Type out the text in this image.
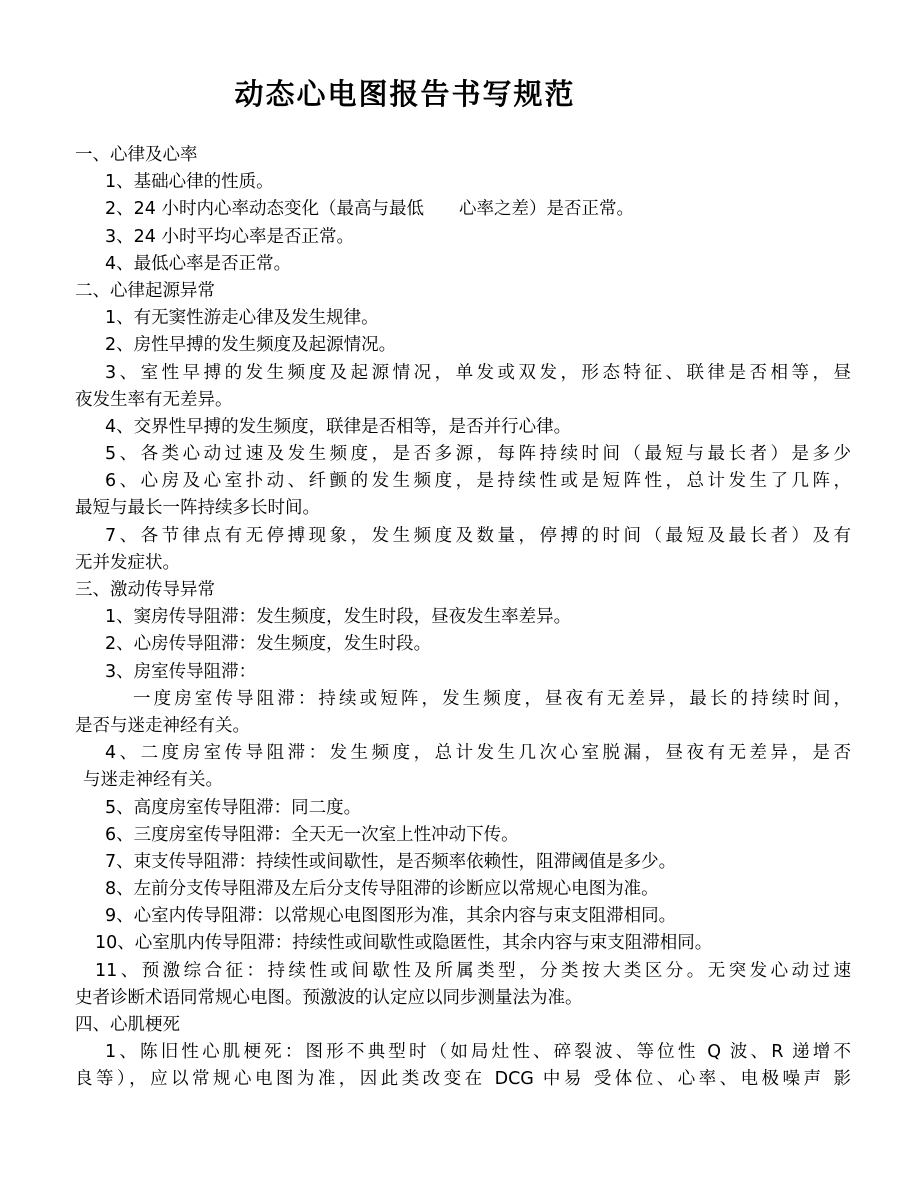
动态心电图报告书写规范
一、心律及心率
1、基础心律的性质。
2、24 小时内心率动态变化（最高与最低　　心率之差）是否正常。
3、24 小时平均心率是否正常。
4、最低心率是否正常。
二、心律起源异常
1、有无窦性游走心律及发生规律。
2、房性早搏的发生频度及起源情况。
3、室性早搏的发生频度及起源情况，单发或双发，形态特征、联律是否相等，昼
夜发生率有无差异。
4、交界性早搏的发生频度，联律是否相等，是否并行心律。
5、各类心动过速及发生频度，是否多源，每阵持续时间（最短与最长者）是多少
6、心房及心室扑动、纤颤的发生频度，是持续性或是短阵性，总计发生了几阵，
最短与最长一阵持续多长时间。
7、各节律点有无停搏现象，发生频度及数量，停搏的时间（最短及最长者）及有
无并发症状。
三、激动传导异常
1、窦房传导阻滞：发生频度，发生时段，昼夜发生率差异。
2、心房传导阻滞：发生频度，发生时段。
3、房室传导阻滞：
一度房室传导阻滞：持续或短阵，发生频度，昼夜有无差异，最长的持续时间，
是否与迷走神经有关。
4、二度房室传导阻滞：发生频度，总计发生几次心室脱漏，昼夜有无差异，是否
与迷走神经有关。
5、高度房室传导阻滞：同二度。
6、三度房室传导阻滞：全天无一次室上性冲动下传。
7、束支传导阻滞：持续性或间歇性，是否频率依赖性，阻滞阈值是多少。
8、左前分支传导阻滞及左后分支传导阻滞的诊断应以常规心电图为准。
9、心室内传导阻滞：以常规心电图图形为准，其余内容与束支阻滞相同。
10、心室肌内传导阻滞：持续性或间歇性或隐匿性，其余内容与束支阻滞相同。
11、预激综合征：持续性或间歇性及所属类型，分类按大类区分。无突发心动过速
史者诊断术语同常规心电图。预激波的认定应以同步测量法为准。
四、心肌梗死
1、陈旧性心肌梗死：图形不典型时（如局灶性、碎裂波、等位性 Q 波、R 递增不
良等），应以常规心电图为准，因此类改变在 DCG 中易 受体位、心率、电极噪声 影
